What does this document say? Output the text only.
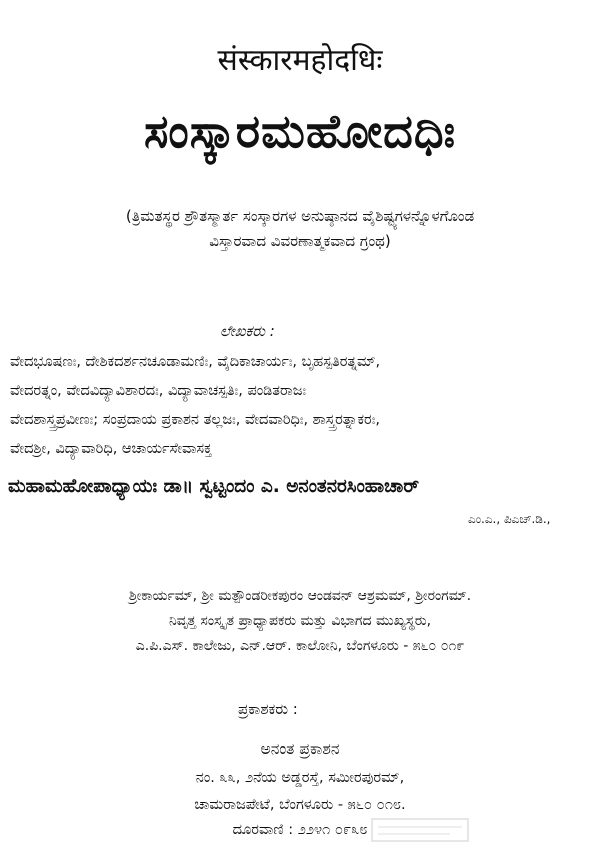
संस्कारमहोदधिः
ಸಂಸ್ಕಾರಮಹೋದಧಿಃ
(ತ್ರಿಮತಸ್ಥರ ಶ್ರೌತಸ್ಮಾರ್ತ ಸಂಸ್ಕಾರಗಳ ಅನುಷ್ಠಾನದ ವೈಶಿಷ್ಟ್ಯಗಳನ್ನೊಳಗೊಂಡ
ವಿಸ್ತಾರವಾದ ವಿವರಣಾತ್ಮಕವಾದ ಗ್ರಂಥ)
ಲೇಖಕರು :
ವೇದಭೂಷಣಃ, ದೇಶಿಕದರ್ಶನಚೂಡಾಮಣಿಃ, ವೈದಿಕಾಚಾರ್ಯಃ, ಬೃಹಸ್ಪತಿರತ್ನಮ್,
ವೇದರತ್ನಂ, ವೇದವಿದ್ಯಾವಿಶಾರದಃ, ವಿದ್ಯಾವಾಚಸ್ಪತಿಃ, ಪಂಡಿತರಾಜಃ
ವೇದಶಾಸ್ತ್ರಪ್ರವೀಣಃ; ಸಂಪ್ರದಾಯ ಪ್ರಕಾಶನ ತಲ್ಲಜಃ, ವೇದವಾರಿಧಿಃ, ಶಾಸ್ತ್ರರತ್ನಾಕರಃ,
ವೇದಶ್ರೀ, ವಿದ್ಯಾವಾರಿಧಿ, ಆಚಾರ್ಯಸೇವಾಸಕ್ತ
ಮಹಾಮಹೋಪಾಧ್ಯಾಯಃ ಡಾ॥ ಸ್ವಟ್ಟಂದಂ ಎ. ಅನಂತನರಸಿಂಹಾಚಾರ್
ಎಂ.ಎ., ಪಿಎಚ್.ಡಿ.,
ಶ್ರೀಕಾರ್ಯಮ್, ಶ್ರೀ ಮತ್ಪೌಂಡರೀಕಪುರಂ ಆಂಡವನ್ ಆಶ್ರಮಮ್, ಶ್ರೀರಂಗಮ್.
ನಿವೃತ್ತ ಸಂಸ್ಕೃತ ಪ್ರಾಧ್ಯಾಪಕರು ಮತ್ತು ವಿಭಾಗದ ಮುಖ್ಯಸ್ಥರು,
ಎ.ಪಿ.ಎಸ್. ಕಾಲೇಜು, ಎನ್.ಆರ್. ಕಾಲೋನಿ, ಬೆಂಗಳೂರು - ೫೬೦ ೦೧೯
ಪ್ರಕಾಶಕರು :
ಅನಂತ ಪ್ರಕಾಶನ
ನಂ. ೩೩, ೨ನೆಯ ಅಡ್ಡರಸ್ತೆ, ಸಮೀರಪುರಮ್,
ಚಾಮರಾಜಪೇಟೆ, ಬೆಂಗಳೂರು - ೫೬೦ ೦೧೮.
ದೂರವಾಣಿ : ೨೨೪೧ ೦೯೩೮
